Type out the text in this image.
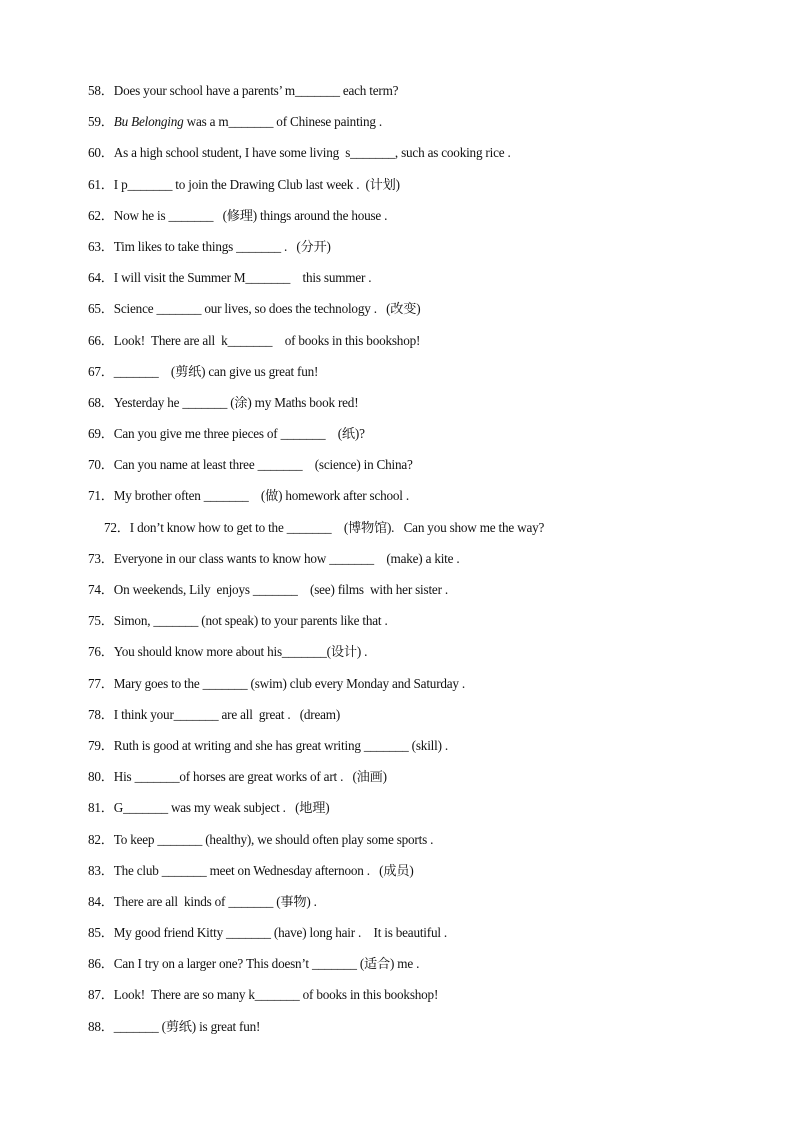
58．Does your school have a parents’ m_______ each term?
59．Bu Belonging was a m_______ of Chinese painting .
60．As a high school student, I have some living  s_______, such as cooking rice .
61．I p_______ to join the Drawing Club last week .  (计划)
62．Now he is _______   (修理) things around the house .
63．Tim likes to take things _______ .   (分开)
64．I will visit the Summer M_______    this summer .
65．Science _______ our lives, so does the technology .   (改变)
66．Look!  There are all  k_______    of books in this bookshop!
67．_______    (剪纸) can give us great fun!
68．Yesterday he _______ (涂) my Maths book red!
69．Can you give me three pieces of _______    (纸)?
70．Can you name at least three _______    (science) in China?
71．My brother often _______    (做) homework after school .
72．I don’t know how to get to the _______    (博物馆).   Can you show me the way?
73．Everyone in our class wants to know how _______    (make) a kite .
74．On weekends, Lily  enjoys _______    (see) films  with her sister .
75．Simon, _______ (not speak) to your parents like that .
76．You should know more about his_______(设计) .
77．Mary goes to the _______ (swim) club every Monday and Saturday .
78．I think your_______ are all  great .   (dream)
79．Ruth is good at writing and she has great writing _______ (skill) .
80．His _______of horses are great works of art .   (油画)
81．G_______ was my weak subject .   (地理)
82．To keep _______ (healthy), we should often play some sports .
83．The club _______ meet on Wednesday afternoon .   (成员)
84．There are all  kinds of _______ (事物) .
85．My good friend Kitty _______ (have) long hair .    It is beautiful .
86．Can I try on a larger one? This doesn’t _______ (适合) me .
87．Look!  There are so many k_______ of books in this bookshop!
88．_______ (剪纸) is great fun!
